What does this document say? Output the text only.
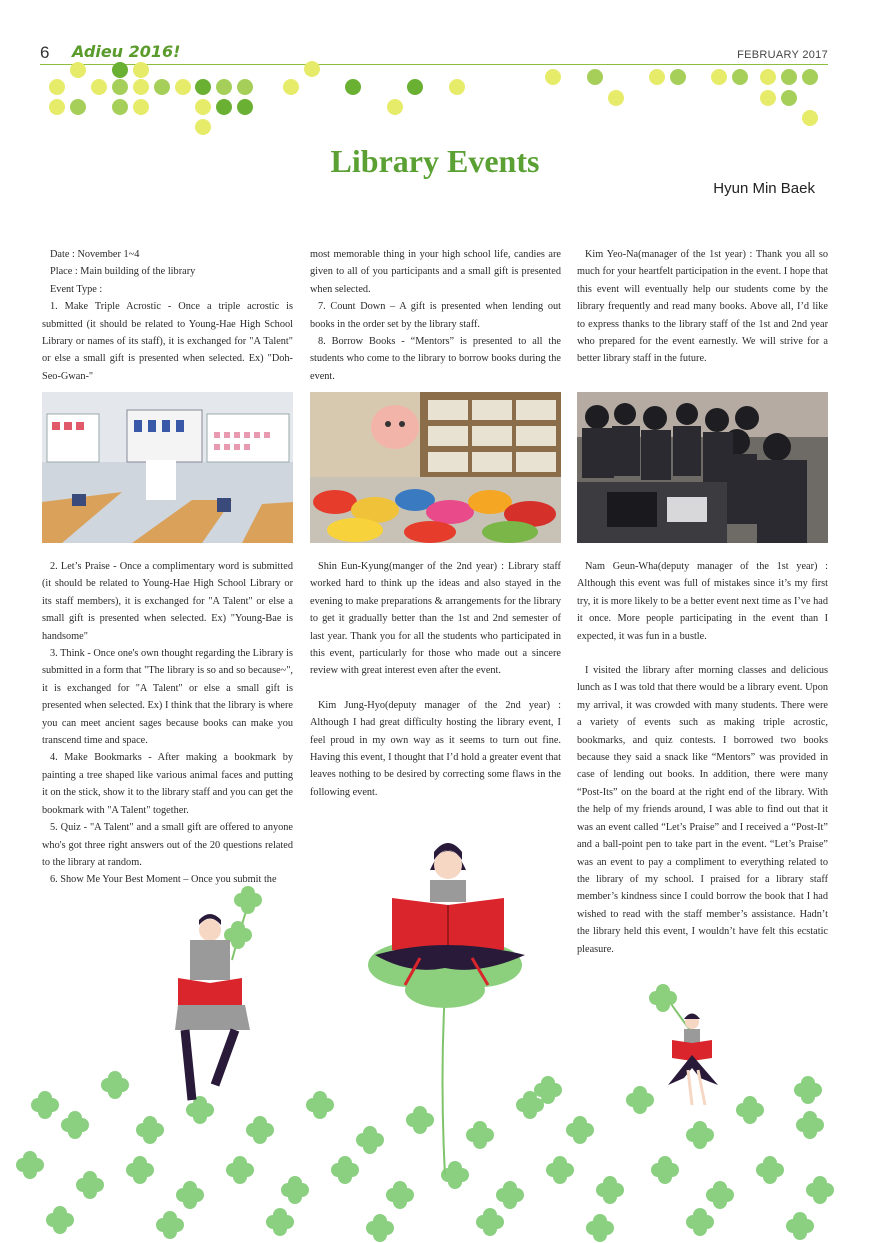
6 Adieu 2016!	FEBRUARY 2017
Library Events
Hyun Min Baek

Date : November 1~4

Place : Main building of the library

Event Type :

1. Make Triple Acrostic - Once a triple acrostic is submitted (it should be related to Young-Hae High School Library or names of its staff), it is exchanged for "A Talent" or else a small gift is presented when selected. Ex) "Doh-Seo-Gwan-"

most memorable thing in your high school life, candies are given to all of you participants and a small gift is presented when selected.

7. Count Down – A gift is presented when lending out books in the order set by the library staff.

8. Borrow Books - “Mentors” is presented to all the students who come to the library to borrow books during the event.

Kim Yeo-Na(manager of the 1st year) : Thank you all so much for your heartfelt participation in the event. I hope that this event will eventually help our students come by the library frequently and read many books. Above all, I’d like to express thanks to the library staff of the 1st and 2nd year who prepared for the event earnestly. We will strive for a better library staff in the future.

2. Let’s Praise - Once a complimentary word is submitted (it should be related to Young-Hae High School Library or its staff members), it is exchanged for "A Talent" or else a small gift is presented when selected. Ex) "Young-Bae is handsome"

3. Think - Once one's own thought regarding the Library is submitted in a form that "The library is so and so because~", it is exchanged for "A Talent" or else a small gift is presented when selected. Ex) I think that the library is where you can meet ancient sages because books can make you transcend time and space.

4. Make Bookmarks - After making a bookmark by painting a tree shaped like various animal faces and putting it on the stick, show it to the library staff and you can get the bookmark with "A Talent" together.

5. Quiz - "A Talent" and a small gift are offered to anyone who's got three right answers out of the 20 questions related to the library at random.

6. Show Me Your Best Moment – Once you submit the

Shin Eun-Kyung(manger of the 2nd year) : Library staff worked hard to think up the ideas and also stayed in the evening to make preparations & arrangements for the library to get it gradually better than the 1st and 2nd semester of last year. Thank you for all the students who participated in this event, particularly for those who made out a sincere review with great interest even after the event.

Kim Jung-Hyo(deputy manager of the 2nd year) : Although I had great difficulty hosting the library event, I feel proud in my own way as it seems to turn out fine. Having this event, I thought that I’d hold a greater event that leaves nothing to be desired by correcting some flaws in the following event.

Nam Geun-Wha(deputy manager of the 1st year) : Although this event was full of mistakes since it’s my first try, it is more likely to be a better event next time as I’ve had it once. More people participating in the event than I expected, it was fun in a bustle.

I visited the library after morning classes and delicious lunch as I was told that there would be a library event. Upon my arrival, it was crowded with many students. There were a variety of events such as making triple acrostic, bookmarks, and quiz contests. I borrowed two books because they said a snack like “Mentors” was provided in case of lending out books. In addition, there were many “Post-Its” on the board at the right end of the library. With the help of my friends around, I was able to find out that it was an event called “Let’s Praise” and I received a “Post-It” and a ball-point pen to take part in the event. “Let’s Praise” was an event to pay a compliment to everything related to the library of my school. I praised for a library staff member’s kindness since I could borrow the book that I had wished to read with the staff member’s assistance. Hadn’t the library held this event, I wouldn’t have felt this ecstatic pleasure.
